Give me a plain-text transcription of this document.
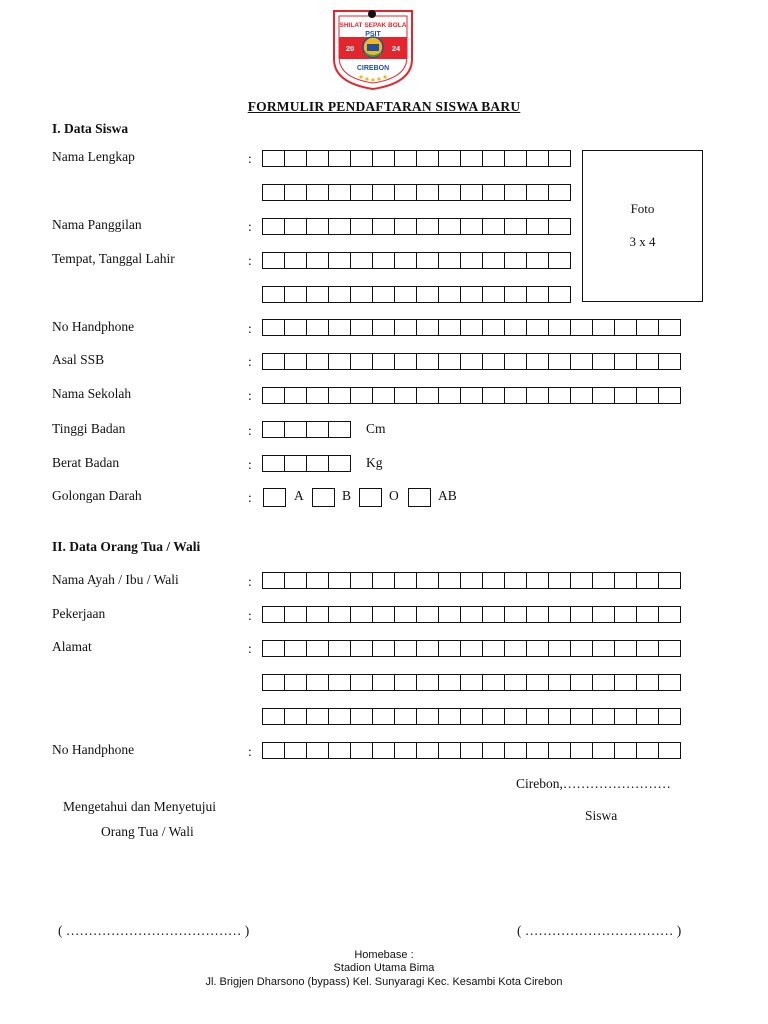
SHILAT SEPAK BOLA
PSIT
20	24
CIREBON
FORMULIR PENDAFTARAN SISWA BARU
I. Data Siswa
Nama Lengkap	:
Nama Panggilan	:
Tempat, Tanggal Lahir	:
Foto
3 x 4
No Handphone	:
Asal SSB	:
Nama Sekolah	:
Tinggi Badan	:	Cm
Berat Badan	:	Kg
Golongan Darah	:	A	B	O	AB
II. Data Orang Tua / Wali
Nama Ayah / Ibu / Wali	:
Pekerjaan	:
Alamat	:
No Handphone	:
Cirebon,……………………
Mengetahui dan Menyetujui
Orang Tua / Wali
Siswa
( ………………………………… )	( …………………………… )
Homebase :
Stadion Utama Bima
Jl. Brigjen Dharsono (bypass) Kel. Sunyaragi Kec. Kesambi Kota Cirebon
